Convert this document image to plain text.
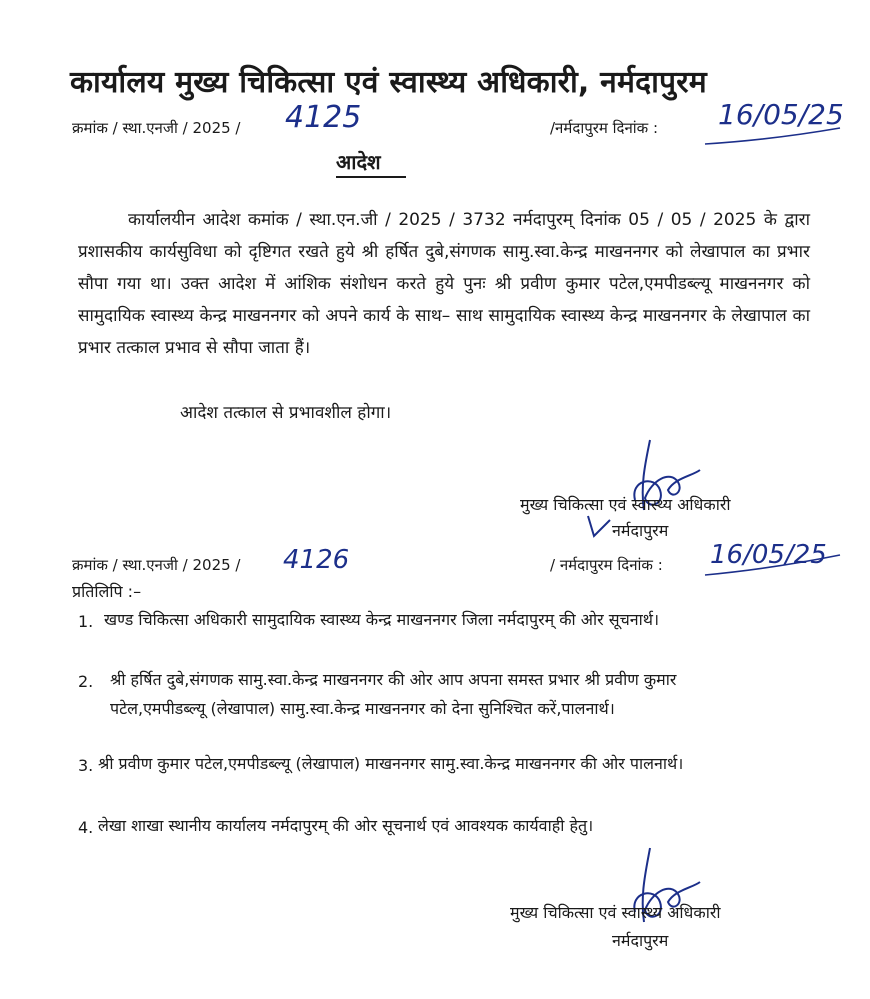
कार्यालय मुख्य चिकित्सा एवं स्वास्थ्य अधिकारी, नर्मदापुरम
क्रमांक / स्था.एनजी / 2025 / 4125	/नर्मदापुरम दिनांक : 16/05/25
आदेश
कार्यालयीन आदेश कमांक / स्था.एन.जी / 2025 / 3732 नर्मदापुरम् दिनांक 05 / 05 / 2025 के द्वारा प्रशासकीय कार्यसुविधा को दृष्टिगत रखते हुये श्री हर्षित दुबे,संगणक सामु.स्वा.केन्द्र माखननगर को लेखापाल का प्रभार सौपा गया था। उक्त आदेश में आंशिक संशोधन करते हुये पुनः श्री प्रवीण कुमार पटेल,एमपीडब्ल्यू माखननगर को सामुदायिक स्वास्थ्य केन्द्र माखननगर को अपने कार्य के साथ– साथ सामुदायिक स्वास्थ्य केन्द्र माखननगर के लेखापाल का प्रभार तत्काल प्रभाव से सौपा जाता हैं।
आदेश तत्काल से प्रभावशील होगा।
मुख्य चिकित्सा एवं स्वास्थ्य अधिकारी
नर्मदापुरम
क्रमांक / स्था.एनजी / 2025 / 4126	/ नर्मदापुरम दिनांक : 16/05/25
प्रतिलिपि :–
1. खण्ड चिकित्सा अधिकारी सामुदायिक स्वास्थ्य केन्द्र माखननगर जिला नर्मदापुरम् की ओर सूचनार्थ।
2. श्री हर्षित दुबे,संगणक सामु.स्वा.केन्द्र माखननगर की ओर आप अपना समस्त प्रभार श्री प्रवीण कुमार पटेल,एमपीडब्ल्यू (लेखापाल) सामु.स्वा.केन्द्र माखननगर को देना सुनिश्चित करें,पालनार्थ।
3. श्री प्रवीण कुमार पटेल,एमपीडब्ल्यू (लेखापाल) माखननगर सामु.स्वा.केन्द्र माखननगर की ओर पालनार्थ।
4. लेखा शाखा स्थानीय कार्यालय नर्मदापुरम् की ओर सूचनार्थ एवं आवश्यक कार्यवाही हेतु।
मुख्य चिकित्सा एवं स्वास्थ्य अधिकारी
नर्मदापुरम
